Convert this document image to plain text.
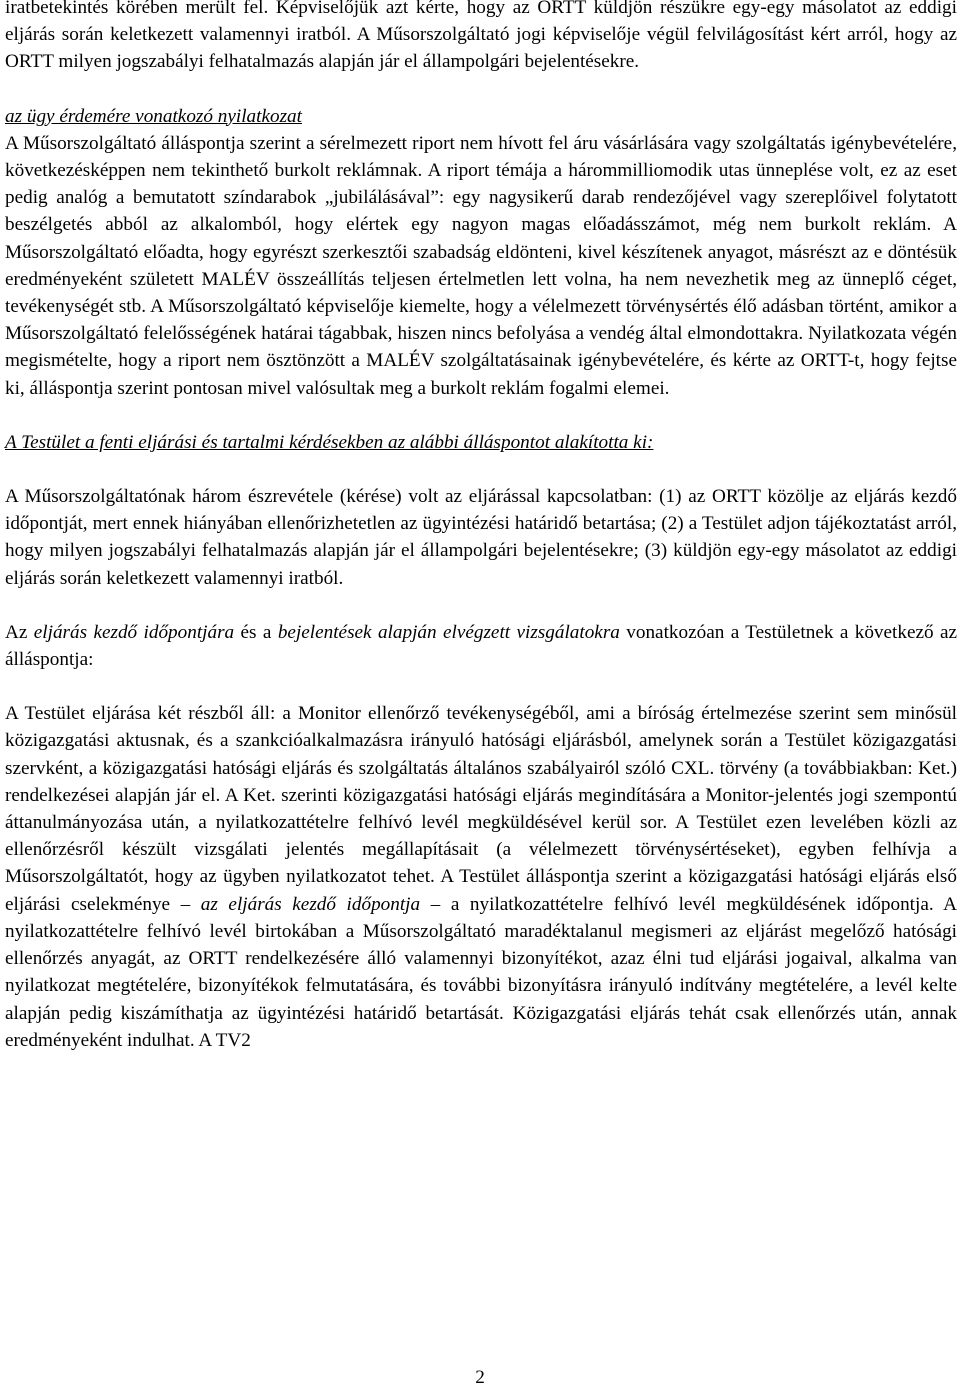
iratbetekintés körében merült fel. Képviselőjük azt kérte, hogy az ORTT küldjön részükre egy-egy másolatot az eddigi eljárás során keletkezett valamennyi iratból. A Műsorszolgáltató jogi képviselője végül felvilágosítást kért arról, hogy az ORTT milyen jogszabályi felhatalmazás alapján jár el állampolgári bejelentésekre.

az ügy érdemére vonatkozó nyilatkozat

A Műsorszolgáltató álláspontja szerint a sérelmezett riport nem hívott fel áru vásárlására vagy szolgáltatás igénybevételére, következésképpen nem tekinthető burkolt reklámnak. A riport témája a hárommilliomodik utas ünneplése volt, ez az eset pedig analóg a bemutatott színdarabok „jubilálásával”: egy nagysikerű darab rendezőjével vagy szereplőivel folytatott beszélgetés abból az alkalomból, hogy elértek egy nagyon magas előadásszámot, még nem burkolt reklám. A Műsorszolgáltató előadta, hogy egyrészt szerkesztői szabadság eldönteni, kivel készítenek anyagot, másrészt az e döntésük eredményeként született MALÉV összeállítás teljesen értelmetlen lett volna, ha nem nevezhetik meg az ünneplő céget, tevékenységét stb. A Műsorszolgáltató képviselője kiemelte, hogy a vélelmezett törvénysértés élő adásban történt, amikor a Műsorszolgáltató felelősségének határai tágabbak, hiszen nincs befolyása a vendég által elmondottakra. Nyilatkozata végén megismételte, hogy a riport nem ösztönzött a MALÉV szolgáltatásainak igénybevételére, és kérte az ORTT-t, hogy fejtse ki, álláspontja szerint pontosan mivel valósultak meg a burkolt reklám fogalmi elemei.

A Testület a fenti eljárási és tartalmi kérdésekben az alábbi álláspontot alakította ki:

A Műsorszolgáltatónak három észrevétele (kérése) volt az eljárással kapcsolatban: (1) az ORTT közölje az eljárás kezdő időpontját, mert ennek hiányában ellenőrizhetetlen az ügyintézési határidő betartása; (2) a Testület adjon tájékoztatást arról, hogy milyen jogszabályi felhatalmazás alapján jár el állampolgári bejelentésekre; (3) küldjön egy-egy másolatot az eddigi eljárás során keletkezett valamennyi iratból.

Az eljárás kezdő időpontjára és a bejelentések alapján elvégzett vizsgálatokra vonatkozóan a Testületnek a következő az álláspontja:

A Testület eljárása két részből áll: a Monitor ellenőrző tevékenységéből, ami a bíróság értelmezése szerint sem minősül közigazgatási aktusnak, és a szankcióalkalmazásra irányuló hatósági eljárásból, amelynek során a Testület közigazgatási szervként, a közigazgatási hatósági eljárás és szolgáltatás általános szabályairól szóló CXL. törvény (a továbbiakban: Ket.) rendelkezései alapján jár el. A Ket. szerinti közigazgatási hatósági eljárás megindítására a Monitor-jelentés jogi szempontú áttanulmányozása után, a nyilatkozattételre felhívó levél megküldésével kerül sor. A Testület ezen levelében közli az ellenőrzésről készült vizsgálati jelentés megállapításait (a vélelmezett törvénysértéseket), egyben felhívja a Műsorszolgáltatót, hogy az ügyben nyilatkozatot tehet. A Testület álláspontja szerint a közigazgatási hatósági eljárás első eljárási cselekménye – az eljárás kezdő időpontja – a nyilatkozattételre felhívó levél megküldésének időpontja. A nyilatkozattételre felhívó levél birtokában a Műsorszolgáltató maradéktalanul megismeri az eljárást megelőző hatósági ellenőrzés anyagát, az ORTT rendelkezésére álló valamennyi bizonyítékot, azaz élni tud eljárási jogaival, alkalma van nyilatkozat megtételére, bizonyítékok felmutatására, és további bizonyításra irányuló indítvány megtételére, a levél kelte alapján pedig kiszámíthatja az ügyintézési határidő betartását. Közigazgatási eljárás tehát csak ellenőrzés után, annak eredményeként indulhat. A TV2

2
